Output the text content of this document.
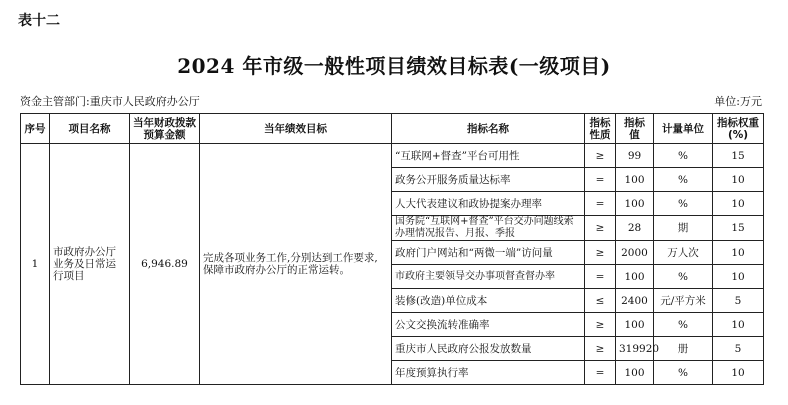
表十二
2024 年市级一般性项目绩效目标表(一级项目)
资金主管部门:重庆市人民政府办公厅	单位:万元
序号	项目名称	当年财政拨款预算金额	当年绩效目标	指标名称	指标性质	指标值	计量单位	指标权重(%)
1	市政府办公厅业务及日常运行项目	6,946.89	完成各项业务工作,分别达到工作要求,保障市政府办公厅的正常运转。	“互联网+督查”平台可用性	≥	99	%	15
				政务公开服务质量达标率	=	100	%	10
				人大代表建议和政协提案办理率	=	100	%	10
				国务院“互联网+督查”平台交办问题线索办理情况报告、月报、季报	≥	28	期	15
				政府门户网站和“两微一端”访问量	≥	2000	万人次	10
				市政府主要领导交办事项督查督办率	=	100	%	10
				装修(改造)单位成本	≤	2400	元/平方米	5
				公文交换流转准确率	≥	100	%	10
				重庆市人民政府公报发放数量	≥	319920	册	5
				年度预算执行率	=	100	%	10
